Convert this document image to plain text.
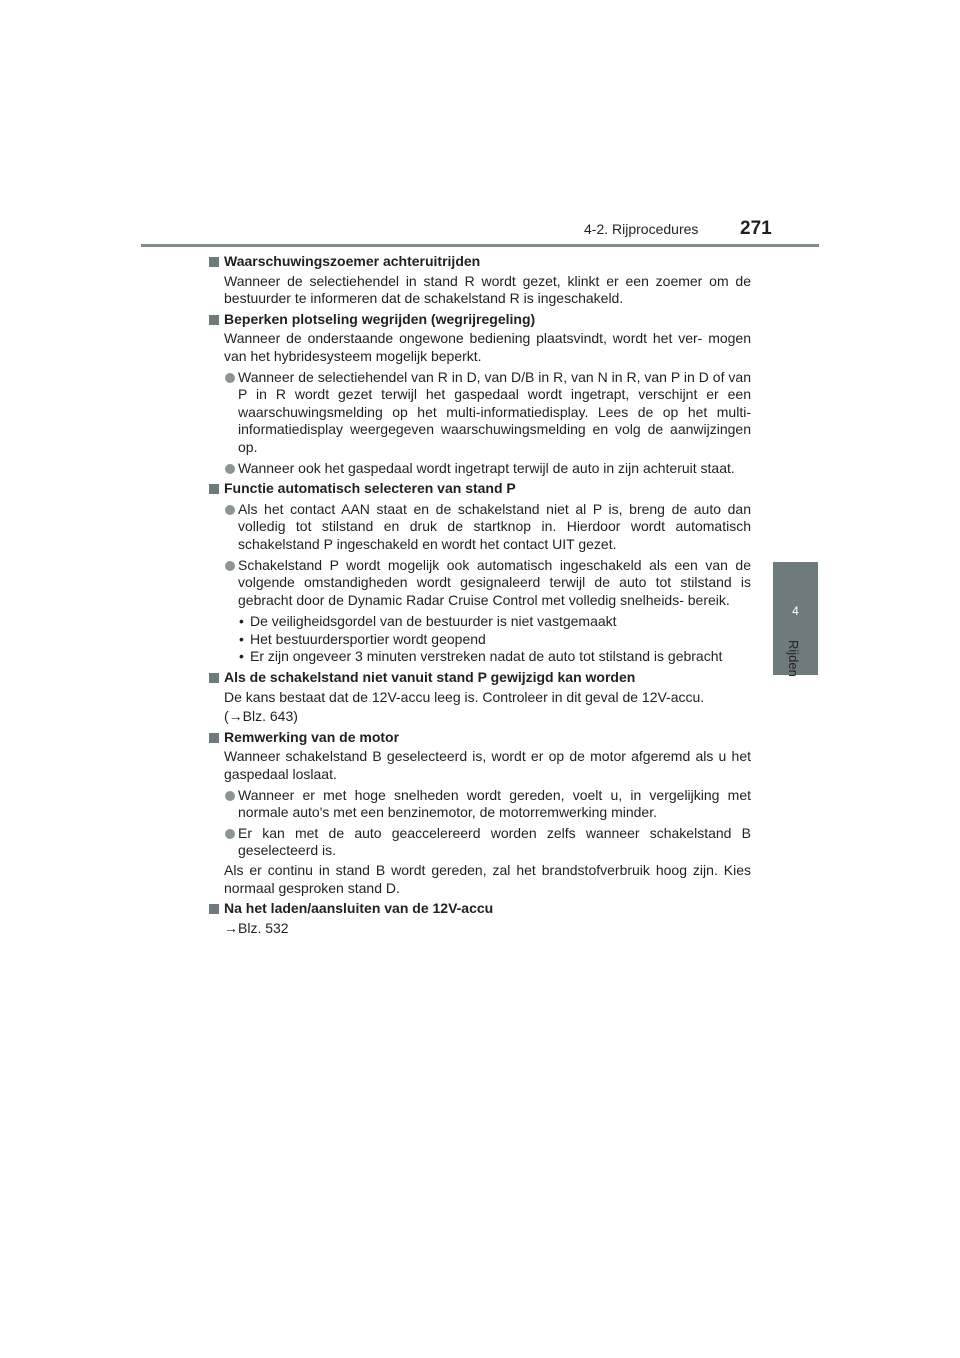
4-2. Rijprocedures 271
4
Rijden
Waarschuwingszoemer achteruitrijden
Wanneer de selectiehendel in stand R wordt gezet, klinkt er een zoemer om de bestuurder te informeren dat de schakelstand R is ingeschakeld.
Beperken plotseling wegrijden (wegrijregeling)
Wanneer de onderstaande ongewone bediening plaatsvindt, wordt het ver- mogen van het hybridesysteem mogelijk beperkt.
Wanneer de selectiehendel van R in D, van D/B in R, van N in R, van P in D of van P in R wordt gezet terwijl het gaspedaal wordt ingetrapt, verschijnt er een waarschuwingsmelding op het multi-informatiedisplay. Lees de op het multi-informatiedisplay weergegeven waarschuwingsmelding en volg de aanwijzingen op.
Wanneer ook het gaspedaal wordt ingetrapt terwijl de auto in zijn achteruit staat.
Functie automatisch selecteren van stand P
Als het contact AAN staat en de schakelstand niet al P is, breng de auto dan volledig tot stilstand en druk de startknop in. Hierdoor wordt automatisch schakelstand P ingeschakeld en wordt het contact UIT gezet.
Schakelstand P wordt mogelijk ook automatisch ingeschakeld als een van de volgende omstandigheden wordt gesignaleerd terwijl de auto tot stilstand is gebracht door de Dynamic Radar Cruise Control met volledig snelheids- bereik.
• De veiligheidsgordel van de bestuurder is niet vastgemaakt
• Het bestuurdersportier wordt geopend
• Er zijn ongeveer 3 minuten verstreken nadat de auto tot stilstand is gebracht
Als de schakelstand niet vanuit stand P gewijzigd kan worden
De kans bestaat dat de 12V-accu leeg is. Controleer in dit geval de 12V-accu.
(→Blz. 643)
Remwerking van de motor
Wanneer schakelstand B geselecteerd is, wordt er op de motor afgeremd als u het gaspedaal loslaat.
Wanneer er met hoge snelheden wordt gereden, voelt u, in vergelijking met normale auto's met een benzinemotor, de motorremwerking minder.
Er kan met de auto geaccelereerd worden zelfs wanneer schakelstand B geselecteerd is.
Als er continu in stand B wordt gereden, zal het brandstofverbruik hoog zijn. Kies normaal gesproken stand D.
Na het laden/aansluiten van de 12V-accu
→Blz. 532
